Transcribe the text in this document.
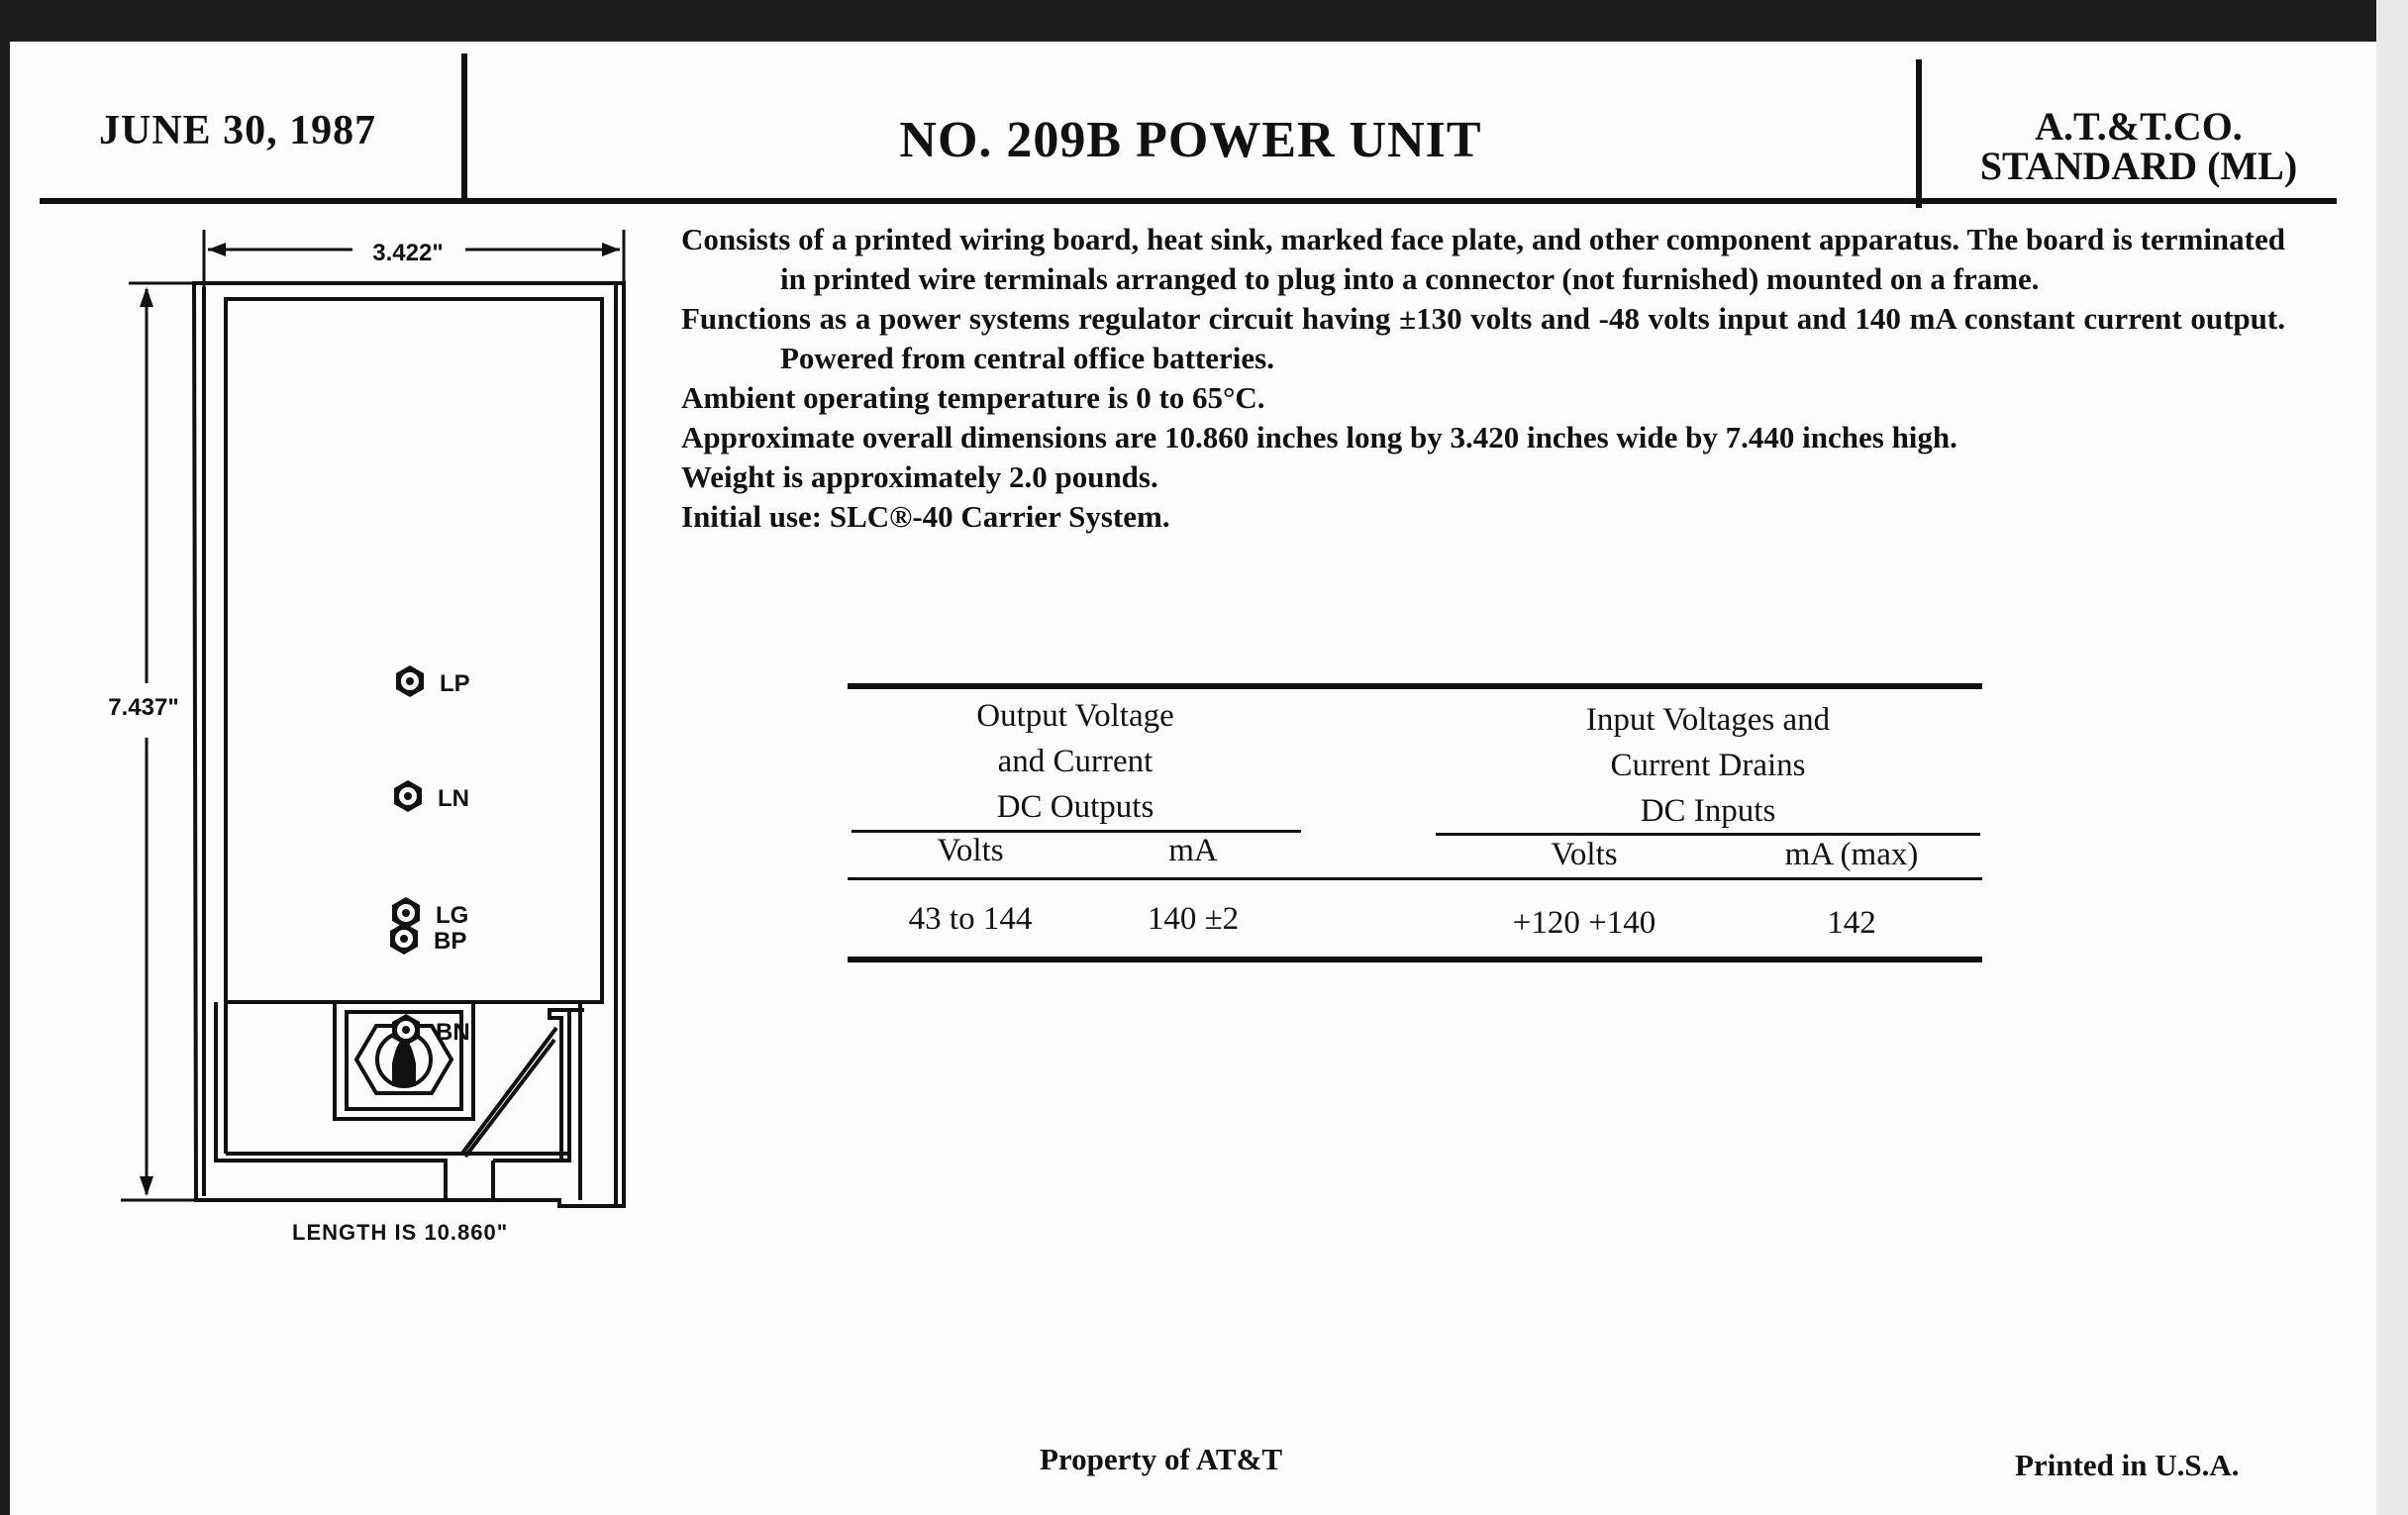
JUNE 30, 1987	NO. 209B POWER UNIT	A.T.&T.CO.
STANDARD (ML)
3.422"
7.437"
LP
LN
LG
BN
BP
LENGTH IS 10.860"

Consists of a printed wiring board, heat sink, marked face plate, and other component apparatus. The board is terminated in printed wire terminals arranged to plug into a connector (not furnished) mounted on a frame.

Functions as a power systems regulator circuit having ±130 volts and -48 volts input and 140 mA constant current output. Powered from central office batteries.

Ambient operating temperature is 0 to 65°C.

Approximate overall dimensions are 10.860 inches long by 3.420 inches wide by 7.440 inches high.

Weight is approximately 2.0 pounds.

Initial use: SLC®-40 Carrier System.

Output Voltage
and Current
DC Outputs
Input Voltages and
Current Drains
DC Inputs
Volts	mA	Volts	mA (max)
43 to 144	140 ±2	+120 +140	142
Property of AT&T	Printed in U.S.A.
